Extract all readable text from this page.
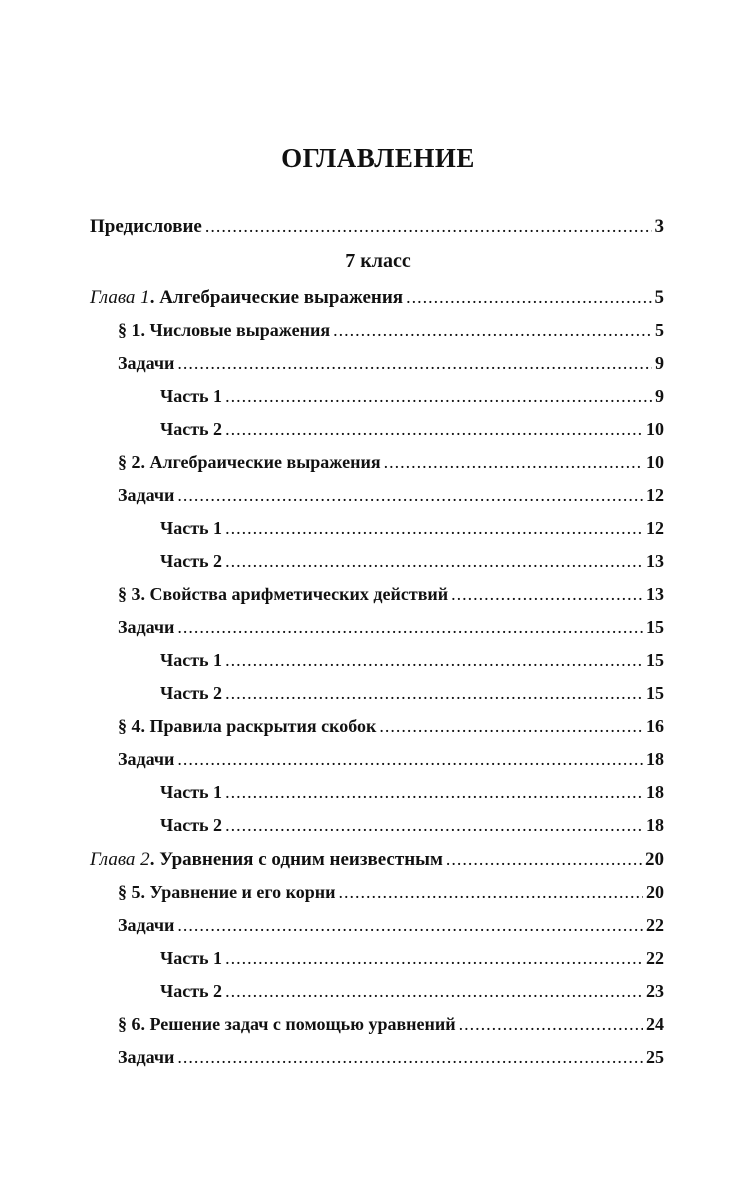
ОГЛАВЛЕНИЕ
Предисловие .....	3
7 класс
Глава 1. Алгебраические выражения .....	5
§ 1. Числовые выражения .....	5
Задачи .....	9
Часть 1 .....	9
Часть 2 .....	10
§ 2. Алгебраические выражения .....	10
Задачи .....	12
Часть 1 .....	12
Часть 2 .....	13
§ 3. Свойства арифметических действий .....	13
Задачи .....	15
Часть 1 .....	15
Часть 2 .....	15
§ 4. Правила раскрытия скобок .....	16
Задачи .....	18
Часть 1 .....	18
Часть 2 .....	18
Глава 2. Уравнения с одним неизвестным .....	20
§ 5. Уравнение и его корни .....	20
Задачи .....	22
Часть 1 .....	22
Часть 2 .....	23
§ 6. Решение задач с помощью уравнений .....	24
Задачи .....	25
